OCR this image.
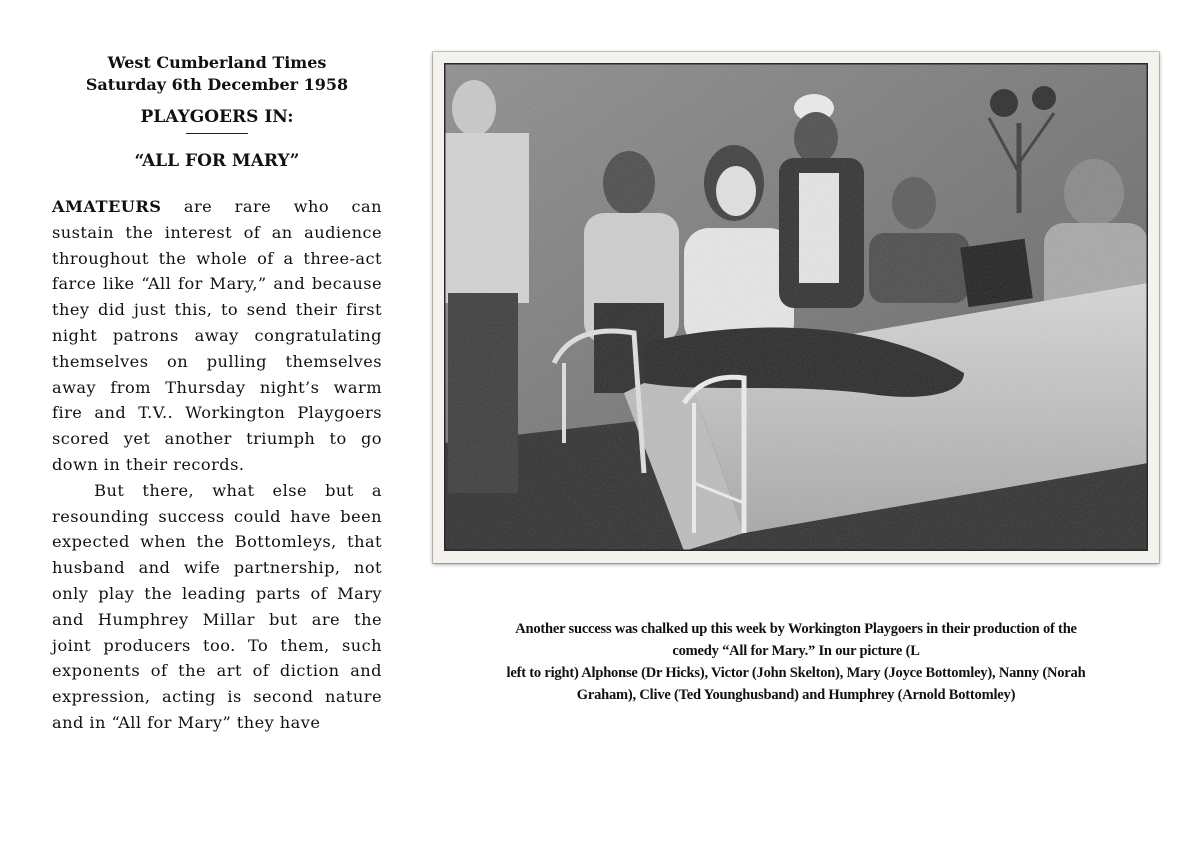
West Cumberland Times
Saturday 6th December 1958
PLAYGOERS IN:
“ALL FOR MARY”

AMATEURS are rare who can sustain the interest of an audience throughout the whole of a three-act farce like “All for Mary,” and because they did just this, to send their first night patrons away congratulating themselves on pulling themselves away from Thursday night’s warm fire and T.V.. Workington Playgoers scored yet another triumph to go down in their records.

But there, what else but a resounding success could have been expected when the Bottomleys, that husband and wife partnership, not only play the leading parts of Mary and Humphrey Millar but are the joint producers too. To them, such exponents of the art of diction and expression, acting is second nature and in “All for Mary” they have

Another success was chalked up this week by Workington Playgoers in their production of the
comedy “All for Mary.” In our picture (L
left to right) Alphonse (Dr Hicks), Victor (John Skelton), Mary (Joyce Bottomley), Nanny (Norah
Graham), Clive (Ted Younghusband) and Humphrey (Arnold Bottomley)
